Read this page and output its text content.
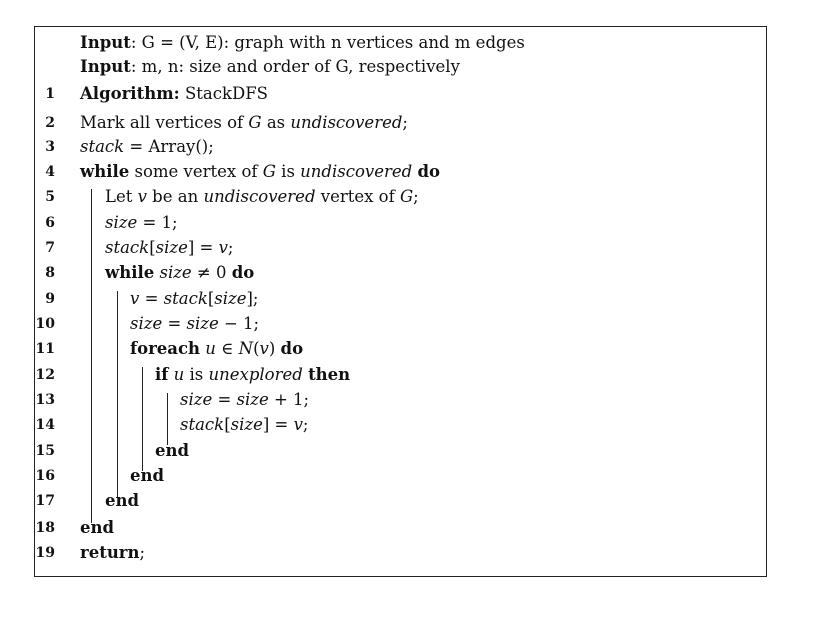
Input: G = (V, E): graph with n vertices and m edges
Input: m, n: size and order of G, respectively
1 Algorithm: StackDFS
2 Mark all vertices of G as undiscovered;
3 stack = Array();
4 while some vertex of G is undiscovered do
5	Let v be an undiscovered vertex of G;
6	size = 1;
7	stack[size] = v;
8	while size ≠ 0 do
9	v = stack[size];
10	size = size − 1;
11	foreach u ∈ N(v) do
12	if u is unexplored then
13	size = size + 1;
14	stack[size] = v;
15	end
16	end
17	end
18 end
19 return;
